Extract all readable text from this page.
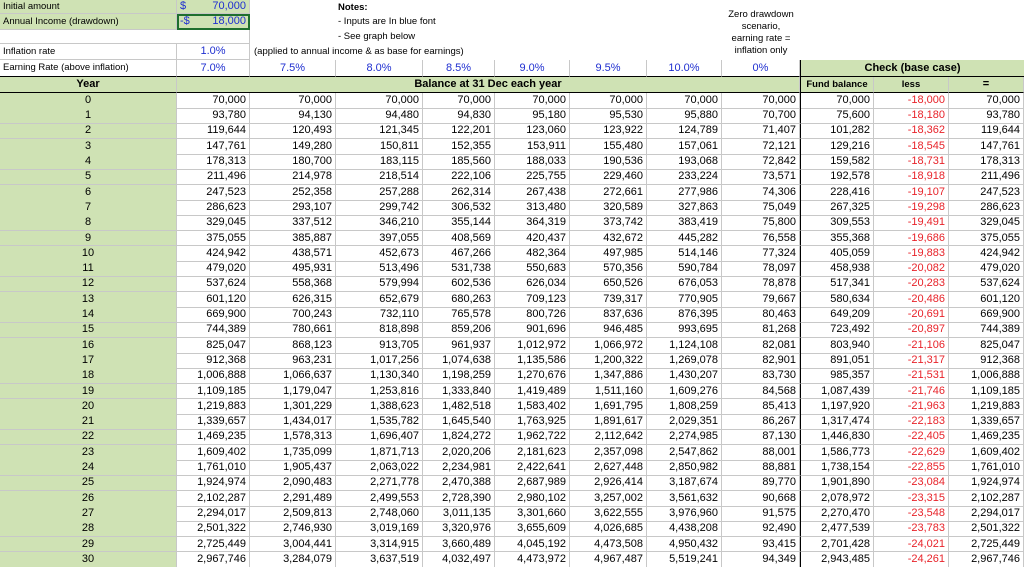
Initial amount	$ 70,000
Annual Income (drawdown)	-$ 18,000
Inflation rate	1.0%	(applied to annual income & as base for earnings)
Notes:
- Inputs are In blue font
- See graph below
Zero drawdown
scenario,
earning rate =
inflation only
Earning Rate (above inflation)	7.0%	7.5%	8.0%	8.5%	9.0%	9.5%	10.0%	0%	Check (base case)
Year	Balance at 31 Dec each year	Fund balance	less	=
0	70,000	70,000	70,000	70,000	70,000	70,000	70,000	70,000	70,000	-18,000	70,000
1	93,780	94,130	94,480	94,830	95,180	95,530	95,880	70,700	75,600	-18,180	93,780
2	119,644	120,493	121,345	122,201	123,060	123,922	124,789	71,407	101,282	-18,362	119,644
3	147,761	149,280	150,811	152,355	153,911	155,480	157,061	72,121	129,216	-18,545	147,761
4	178,313	180,700	183,115	185,560	188,033	190,536	193,068	72,842	159,582	-18,731	178,313
5	211,496	214,978	218,514	222,106	225,755	229,460	233,224	73,571	192,578	-18,918	211,496
6	247,523	252,358	257,288	262,314	267,438	272,661	277,986	74,306	228,416	-19,107	247,523
7	286,623	293,107	299,742	306,532	313,480	320,589	327,863	75,049	267,325	-19,298	286,623
8	329,045	337,512	346,210	355,144	364,319	373,742	383,419	75,800	309,553	-19,491	329,045
9	375,055	385,887	397,055	408,569	420,437	432,672	445,282	76,558	355,368	-19,686	375,055
10	424,942	438,571	452,673	467,266	482,364	497,985	514,146	77,324	405,059	-19,883	424,942
11	479,020	495,931	513,496	531,738	550,683	570,356	590,784	78,097	458,938	-20,082	479,020
12	537,624	558,368	579,994	602,536	626,034	650,526	676,053	78,878	517,341	-20,283	537,624
13	601,120	626,315	652,679	680,263	709,123	739,317	770,905	79,667	580,634	-20,486	601,120
14	669,900	700,243	732,110	765,578	800,726	837,636	876,395	80,463	649,209	-20,691	669,900
15	744,389	780,661	818,898	859,206	901,696	946,485	993,695	81,268	723,492	-20,897	744,389
16	825,047	868,123	913,705	961,937	1,012,972	1,066,972	1,124,108	82,081	803,940	-21,106	825,047
17	912,368	963,231	1,017,256	1,074,638	1,135,586	1,200,322	1,269,078	82,901	891,051	-21,317	912,368
18	1,006,888	1,066,637	1,130,340	1,198,259	1,270,676	1,347,886	1,430,207	83,730	985,357	-21,531	1,006,888
19	1,109,185	1,179,047	1,253,816	1,333,840	1,419,489	1,511,160	1,609,276	84,568	1,087,439	-21,746	1,109,185
20	1,219,883	1,301,229	1,388,623	1,482,518	1,583,402	1,691,795	1,808,259	85,413	1,197,920	-21,963	1,219,883
21	1,339,657	1,434,017	1,535,782	1,645,540	1,763,925	1,891,617	2,029,351	86,267	1,317,474	-22,183	1,339,657
22	1,469,235	1,578,313	1,696,407	1,824,272	1,962,722	2,112,642	2,274,985	87,130	1,446,830	-22,405	1,469,235
23	1,609,402	1,735,099	1,871,713	2,020,206	2,181,623	2,357,098	2,547,862	88,001	1,586,773	-22,629	1,609,402
24	1,761,010	1,905,437	2,063,022	2,234,981	2,422,641	2,627,448	2,850,982	88,881	1,738,154	-22,855	1,761,010
25	1,924,974	2,090,483	2,271,778	2,470,388	2,687,989	2,926,414	3,187,674	89,770	1,901,890	-23,084	1,924,974
26	2,102,287	2,291,489	2,499,553	2,728,390	2,980,102	3,257,002	3,561,632	90,668	2,078,972	-23,315	2,102,287
27	2,294,017	2,509,813	2,748,060	3,011,135	3,301,660	3,622,555	3,976,960	91,575	2,270,470	-23,548	2,294,017
28	2,501,322	2,746,930	3,019,169	3,320,976	3,655,609	4,026,685	4,438,208	92,490	2,477,539	-23,783	2,501,322
29	2,725,449	3,004,441	3,314,915	3,660,489	4,045,192	4,473,508	4,950,432	93,415	2,701,428	-24,021	2,725,449
30	2,967,746	3,284,079	3,637,519	4,032,497	4,473,972	4,967,487	5,519,241	94,349	2,943,485	-24,261	2,967,746
